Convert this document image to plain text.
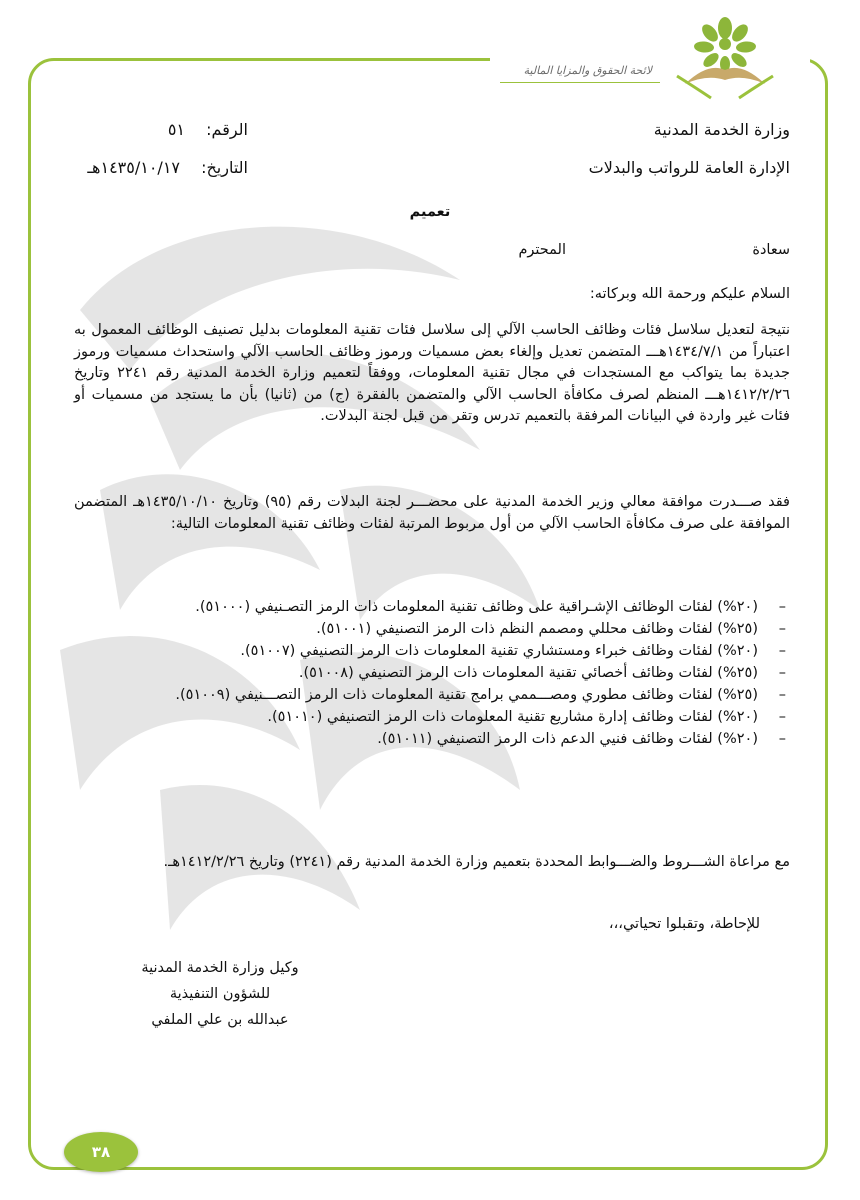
لائحة الحقوق والمزايا المالية
وزارة الخدمة المدنية
الإدارة العامة للرواتب والبدلات
الرقم:
٥١
التاريخ:
١٤٣٥/١٠/١٧هـ
تعميم
سعادة
المحترم
السلام عليكم ورحمة الله وبركاته:
نتيجة لتعديل سلاسل فئات وظائف الحاسب الآلي إلى سلاسل فئات تقنية المعلومات بدليل تصنيف الوظائف المعمول به اعتباراً من ١٤٣٤/٧/١هـــ المتضمن تعديل وإلغاء بعض مسميات ورموز وظائف الحاسب الآلي واستحداث مسميات ورموز جديدة بما يتواكب مع المستجدات في مجال تقنية المعلومات، ووفقاً لتعميم وزارة الخدمة المدنية رقم ٢٢٤١ وتاريخ ١٤١٢/٢/٢٦هـــ المنظم لصرف مكافأة الحاسب الآلي والمتضمن بالفقرة (ج) من (ثانيا) بأن ما يستجد من مسميات أو فئات غير واردة في البيانات المرفقة بالتعميم تدرس وتقر من قبل لجنة البدلات.
فقد صـــدرت موافقة معالي وزير الخدمة المدنية على محضـــر لجنة البدلات رقم (٩٥) وتاريخ ١٤٣٥/١٠/١٠هـ المتضمن الموافقة على صرف مكافأة الحاسب الآلي من أول مربوط المرتبة لفئات وظائف تقنية المعلومات التالية:
–
(٢٠%) لفئات الوظائف الإشـراقية على وظائف تقنية المعلومات ذات الرمز التصـنيفي (٥١٠٠٠).
–
(٢٥%) لفئات وظائف محللي ومصمم النظم ذات الرمز التصنيفي (٥١٠٠١).
–
(٢٠%) لفئات وظائف خبراء ومستشاري تقنية المعلومات ذات الرمز التصنيفي (٥١٠٠٧).
–
(٢٥%) لفئات وظائف أخصائي تقنية المعلومات ذات الرمز التصنيفي (٥١٠٠٨).
–
(٢٥%) لفئات وظائف مطوري ومصـــممي برامج تقنية المعلومات ذات الرمز التصـــنيفي (٥١٠٠٩).
–
(٢٠%) لفئات وظائف إدارة مشاريع تقنية المعلومات ذات الرمز التصنيفي (٥١٠١٠).
–
(٢٠%) لفئات وظائف فنيي الدعم ذات الرمز التصنيفي (٥١٠١١).
مع مراعاة الشـــروط والضـــوابط المحددة بتعميم وزارة الخدمة المدنية رقم (٢٢٤١) وتاريخ ١٤١٢/٢/٢٦هـ.
للإحاطة، وتقبلوا تحياتي،،،
وكيل وزارة الخدمة المدنية
للشؤون التنفيذية
عبدالله بن علي الملفي
٣٨
